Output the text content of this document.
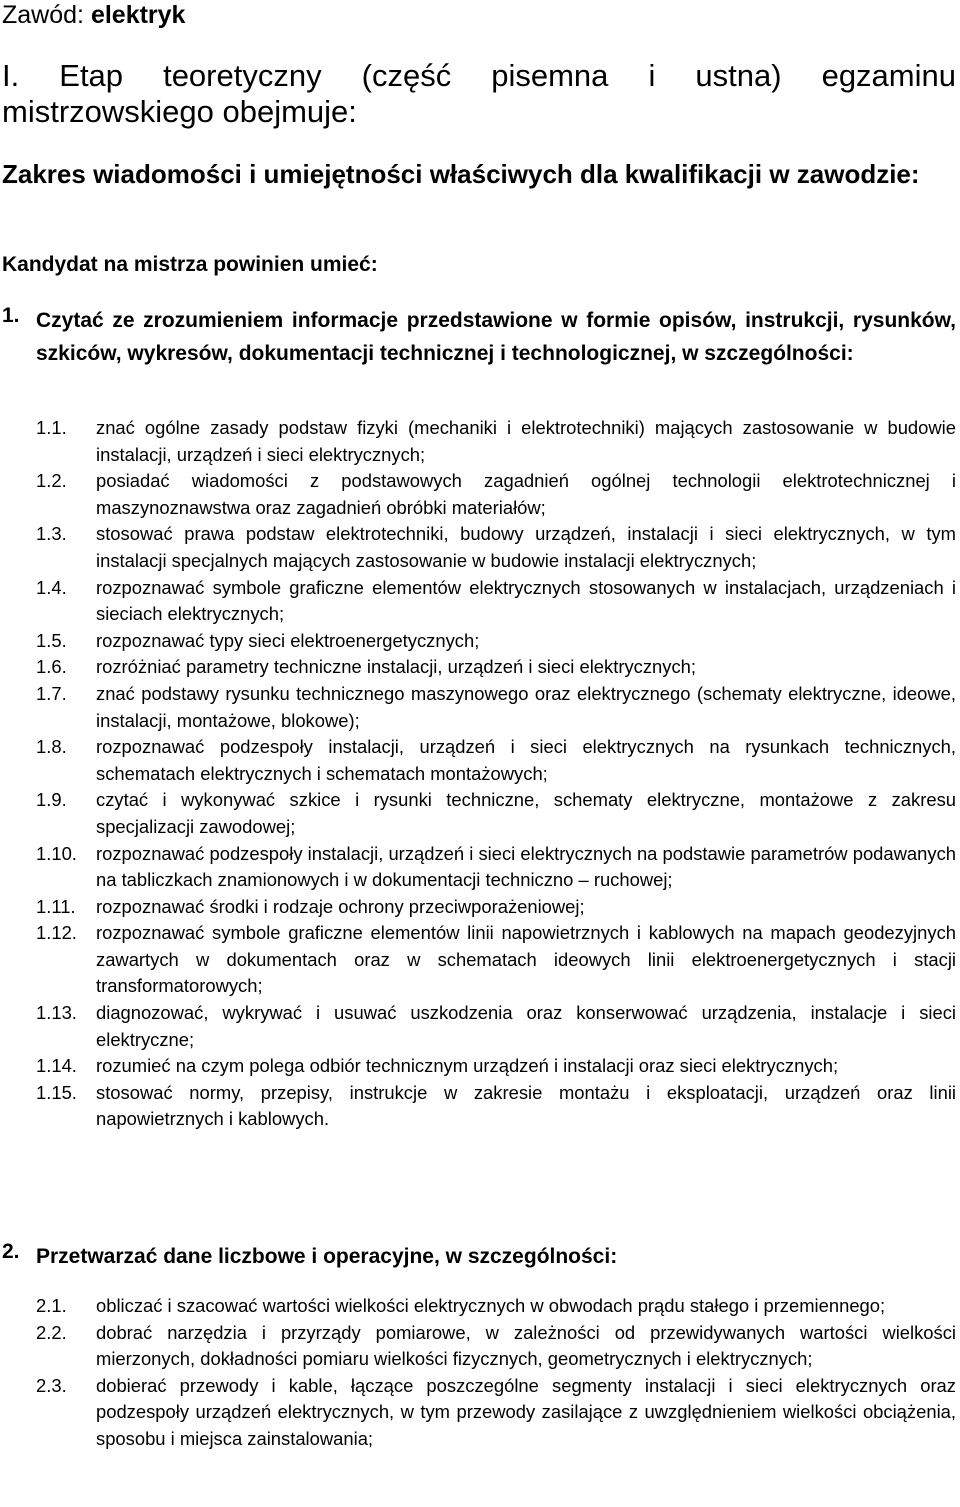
Zawód: elektryk
I. Etap teoretyczny (część pisemna i ustna) egzaminu mistrzowskiego obejmuje:
Zakres wiadomości i umiejętności właściwych dla kwalifikacji w zawodzie:
Kandydat na mistrza powinien umieć:
1. Czytać ze zrozumieniem informacje przedstawione w formie opisów, instrukcji, rysunków, szkiców, wykresów, dokumentacji technicznej i technologicznej, w szczególności:
1.1. znać ogólne zasady podstaw fizyki (mechaniki i elektrotechniki) mających zastosowanie w budowie instalacji, urządzeń i sieci elektrycznych;
1.2. posiadać wiadomości z podstawowych zagadnień ogólnej technologii elektrotechnicznej i maszynoznawstwa oraz zagadnień obróbki materiałów;
1.3. stosować prawa podstaw elektrotechniki, budowy urządzeń, instalacji i sieci elektrycznych, w tym instalacji specjalnych mających zastosowanie w budowie instalacji elektrycznych;
1.4. rozpoznawać symbole graficzne elementów elektrycznych stosowanych w instalacjach, urządzeniach i sieciach elektrycznych;
1.5. rozpoznawać typy sieci elektroenergetycznych;
1.6. rozróżniać parametry techniczne instalacji, urządzeń i sieci elektrycznych;
1.7. znać podstawy rysunku technicznego maszynowego oraz elektrycznego (schematy elektryczne, ideowe, instalacji, montażowe, blokowe);
1.8. rozpoznawać podzespoły instalacji, urządzeń i sieci elektrycznych na rysunkach technicznych, schematach elektrycznych i schematach montażowych;
1.9. czytać i wykonywać szkice i rysunki techniczne, schematy elektryczne, montażowe z zakresu specjalizacji zawodowej;
1.10. rozpoznawać podzespoły instalacji, urządzeń i sieci elektrycznych na podstawie parametrów podawanych na tabliczkach znamionowych i w dokumentacji techniczno – ruchowej;
1.11. rozpoznawać środki i rodzaje ochrony przeciwporażeniowej;
1.12. rozpoznawać symbole graficzne elementów linii napowietrznych i kablowych na mapach geodezyjnych zawartych w dokumentach oraz w schematach ideowych linii elektroenergetycznych i stacji transformatorowych;
1.13. diagnozować, wykrywać i usuwać uszkodzenia oraz konserwować urządzenia, instalacje i sieci elektryczne;
1.14. rozumieć na czym polega odbiór technicznym urządzeń i instalacji oraz sieci elektrycznych;
1.15. stosować normy, przepisy, instrukcje w zakresie montażu i eksploatacji, urządzeń oraz linii napowietrznych i kablowych.
2. Przetwarzać dane liczbowe i operacyjne, w szczególności:
2.1. obliczać i szacować wartości wielkości elektrycznych w obwodach prądu stałego i przemiennego;
2.2. dobrać narzędzia i przyrządy pomiarowe, w zależności od przewidywanych wartości wielkości mierzonych, dokładności pomiaru wielkości fizycznych, geometrycznych i elektrycznych;
2.3. dobierać przewody i kable, łączące poszczególne segmenty instalacji i sieci elektrycznych oraz podzespoły urządzeń elektrycznych, w tym przewody zasilające z uwzględnieniem wielkości obciążenia, sposobu i miejsca zainstalowania;
